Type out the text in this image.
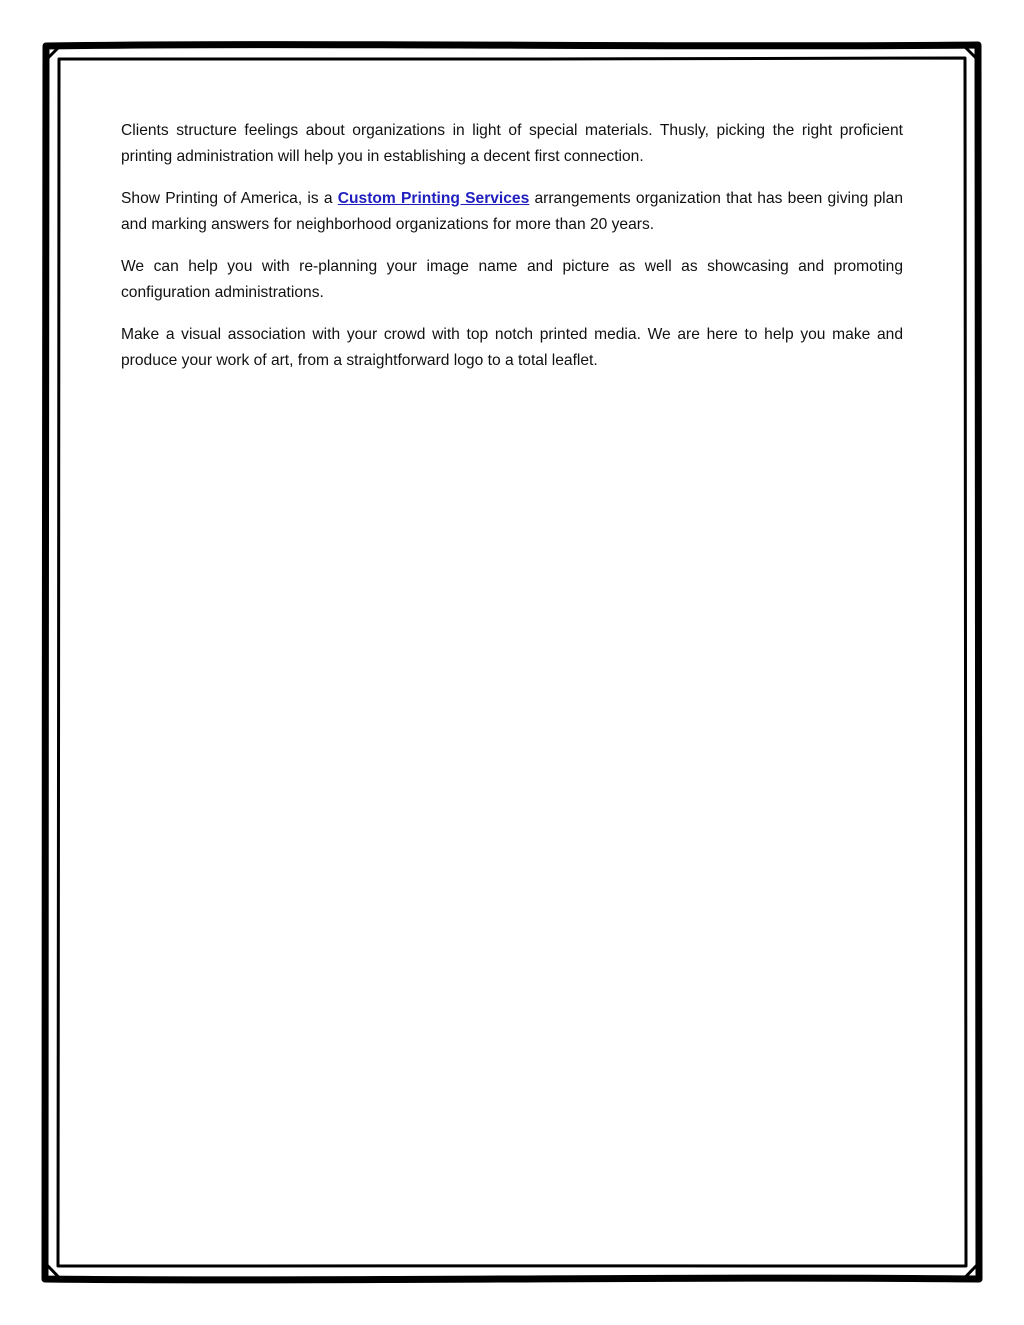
Clients structure feelings about organizations in light of special materials. Thusly, picking the right proficient printing administration will help you in establishing a decent first connection.

Show Printing of America, is a Custom Printing Services arrangements organization that has been giving plan and marking answers for neighborhood organizations for more than 20 years.

We can help you with re-planning your image name and picture as well as showcasing and promoting configuration administrations.

Make a visual association with your crowd with top notch printed media. We are here to help you make and produce your work of art, from a straightforward logo to a total leaflet.
